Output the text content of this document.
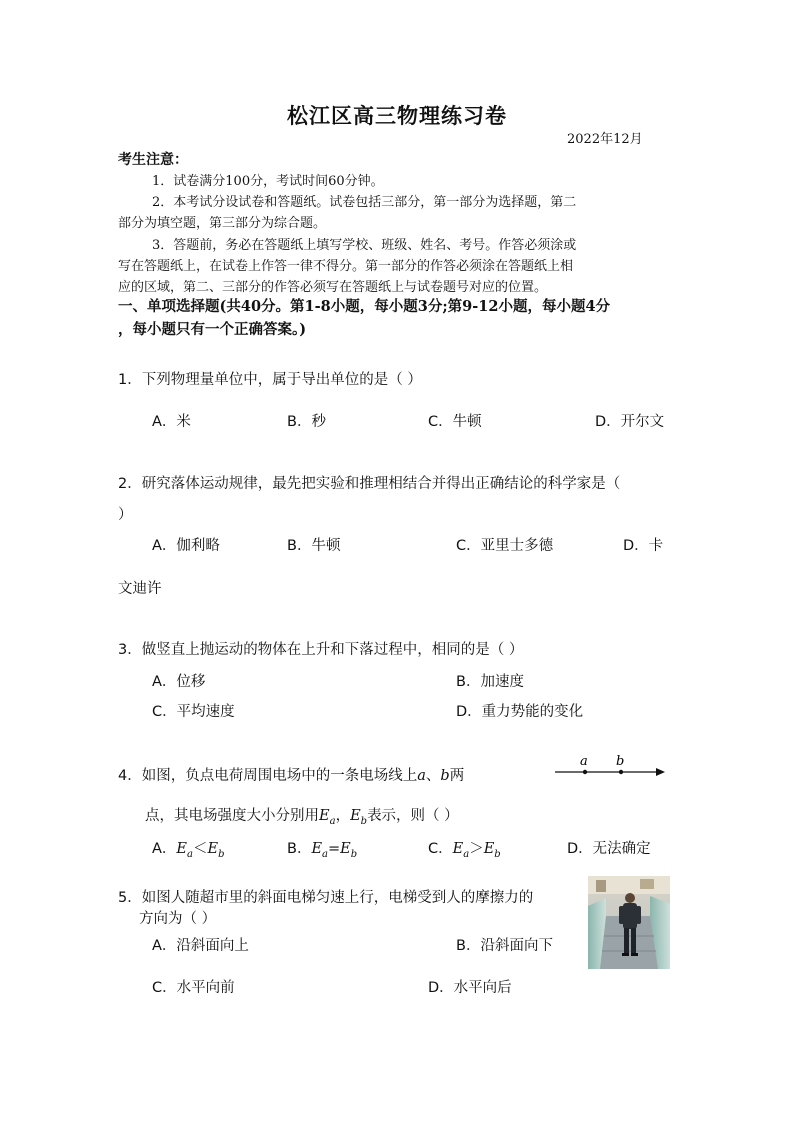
松江区高三物理练习卷
2022年12月
考生注意：
1．试卷满分100分，考试时间60分钟。
2．本考试分设试卷和答题纸。试卷包括三部分，第一部分为选择题，第二
部分为填空题，第三部分为综合题。
3．答题前，务必在答题纸上填写学校、班级、姓名、考号。作答必须涂或
写在答题纸上，在试卷上作答一律不得分。第一部分的作答必须涂在答题纸上相
应的区域，第二、三部分的作答必须写在答题纸上与试卷题号对应的位置。
一、单项选择题(共40分。第1-8小题，每小题3分;第9-12小题，每小题4分
，每小题只有一个正确答案。)
1．下列物理量单位中，属于导出单位的是（ ）
A．米	B．秒	C．牛顿	D．开尔文
2．研究落体运动规律，最先把实验和推理相结合并得出正确结论的科学家是（
）
A．伽利略	B．牛顿	C．亚里士多德	D．卡
文迪许
3．做竖直上抛运动的物体在上升和下落过程中，相同的是（ ）
A．位移	B．加速度
C．平均速度	D．重力势能的变化
4．如图，负点电荷周围电场中的一条电场线上a、b两
a b
点，其电场强度大小分别用$E_a$，$E_b$表示，则（ ）
A．$E_a<E_b$	B．$E_a=E_b$	C．$E_a>E_b$	D．无法确定
5．如图人随超市里的斜面电梯匀速上行，电梯受到人的摩擦力的
方向为（ ）
A．沿斜面向上	B．沿斜面向下
C．水平向前	D．水平向后
